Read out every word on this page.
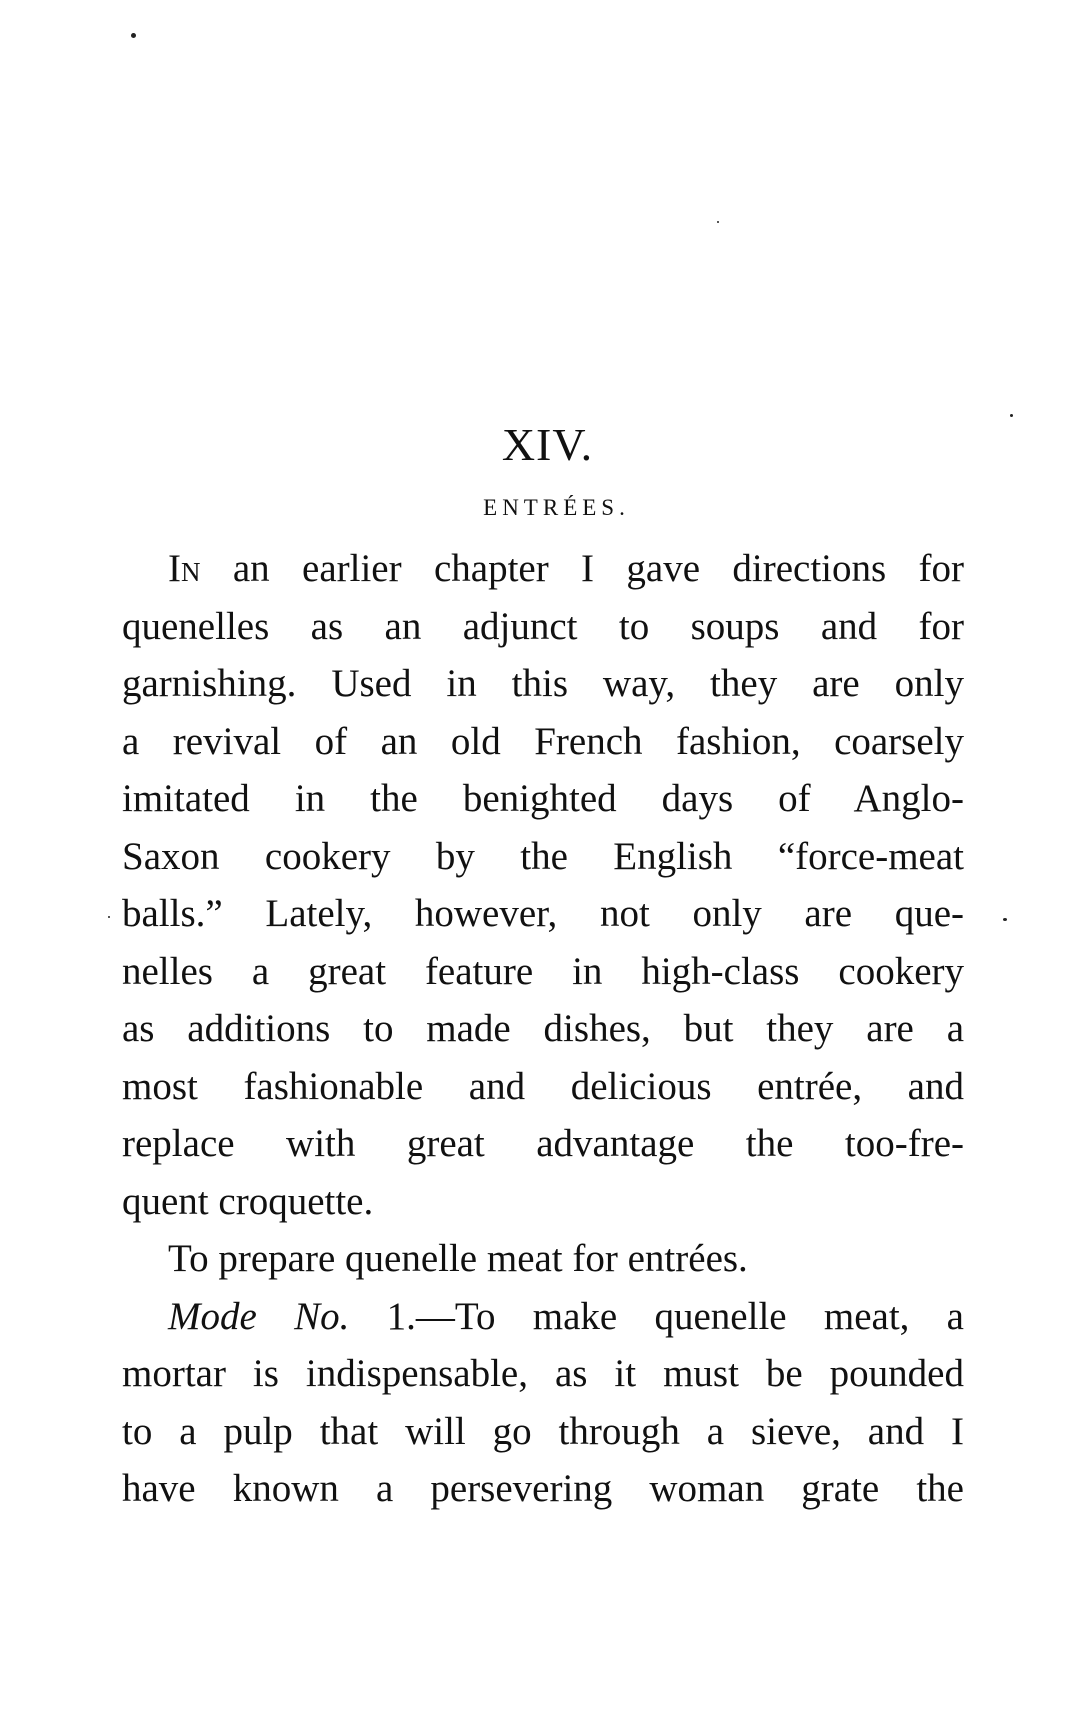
XIV.
ENTRÉES.
In an earlier chapter I gave directions for
quenelles as an adjunct to soups and for
garnishing. Used in this way, they are only
a revival of an old French fashion, coarsely
imitated in the benighted days of Anglo-
Saxon cookery by the English “force-meat
balls.” Lately, however, not only are que-
nelles a great feature in high-class cookery
as additions to made dishes, but they are a
most fashionable and delicious entrée, and
replace with great advantage the too-fre-
quent croquette.
To prepare quenelle meat for entrées.
Mode No. 1.—To make quenelle meat, a
mortar is indispensable, as it must be pounded
to a pulp that will go through a sieve, and I
have known a persevering woman grate the
